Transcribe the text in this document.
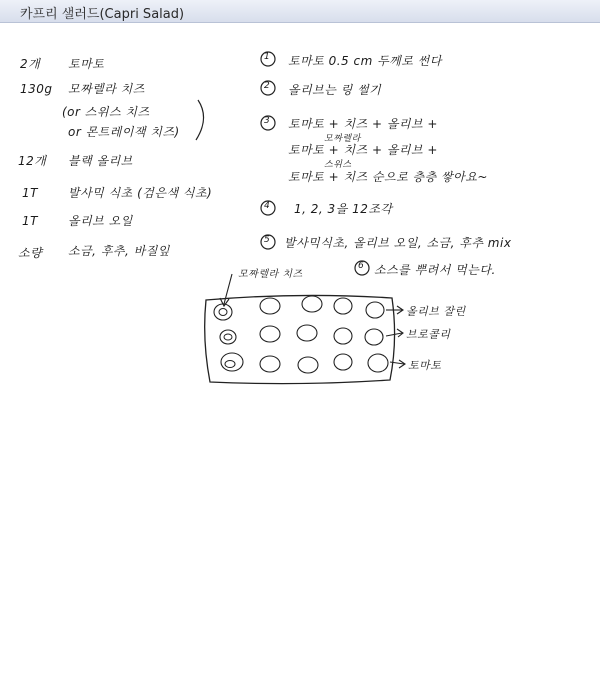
카프리 샐러드(Capri Salad)
2개 토마토
130g 모짜렐라 치즈
(or 스위스 치즈
or 몬트레이잭 치즈)
12개 블랙 올리브
1T	발사믹 식초 (검은색 식초)
1T	올리브 오일
소량 소금, 후추, 바질잎
1 토마토 0.5 cm 두께로 썬다
2 올리브는 링 썰기
3 토마토 + 치즈 + 올리브 +
모짜렐라
토마토 + 치즈 + 올리브 +
스위스
토마토 + 치즈 순으로 층층 쌓아요~
4 1, 2, 3을 12조각
5 발사믹식초, 올리브 오일, 소금, 후추 mix
6 소스를 뿌려서 먹는다.
모짜렐라 치즈
올리브 잘린
브로콜리
토마토
